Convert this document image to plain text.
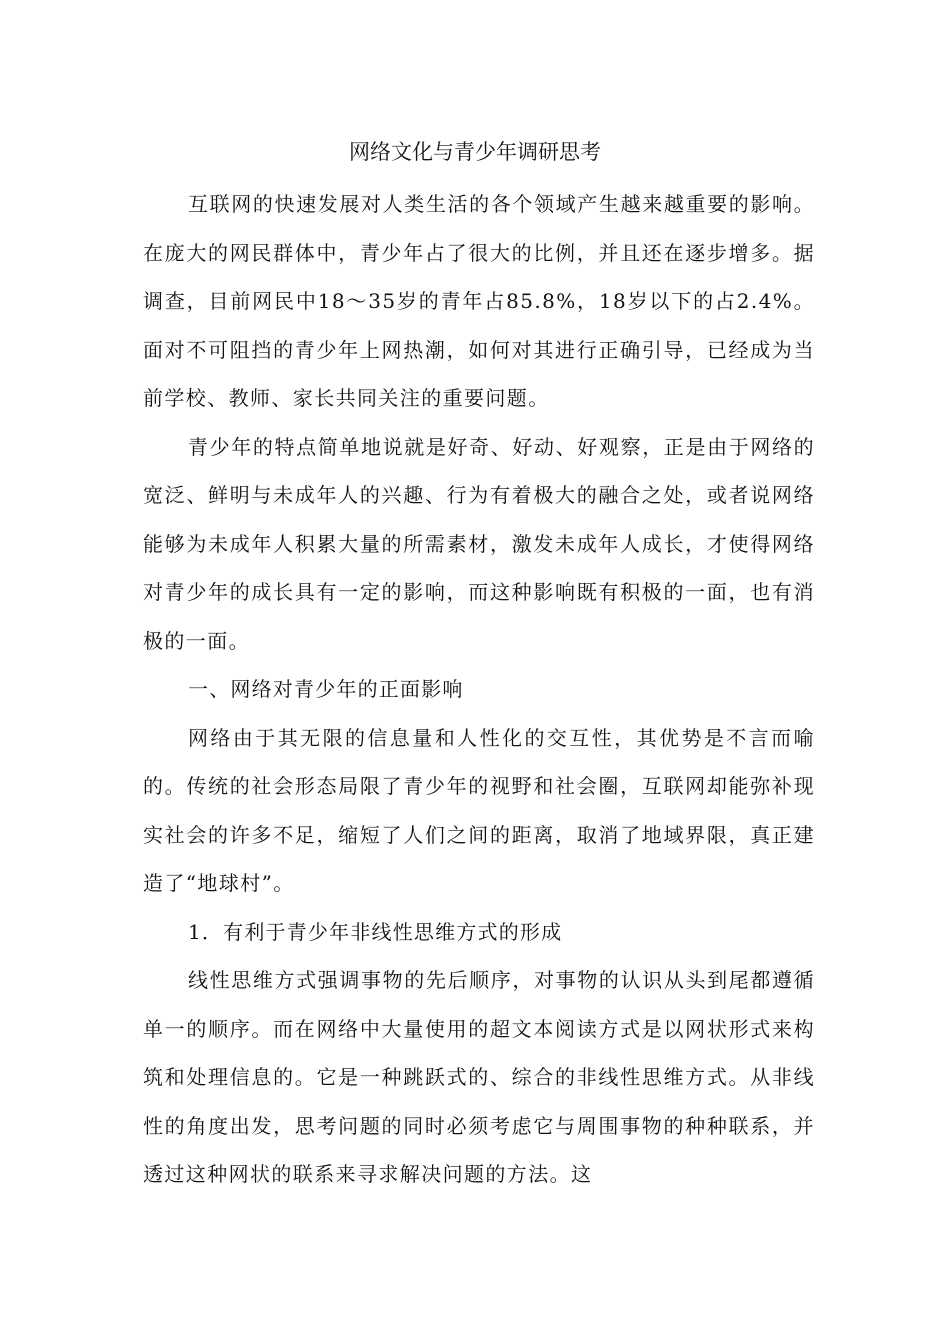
网络文化与青少年调研思考

互联网的快速发展对人类生活的各个领域产生越来越重要的影响。在庞大的网民群体中，青少年占了很大的比例，并且还在逐步增多。据调查，目前网民中18～35岁的青年占85.8%，18岁以下的占2.4%。面对不可阻挡的青少年上网热潮，如何对其进行正确引导，已经成为当前学校、教师、家长共同关注的重要问题。

青少年的特点简单地说就是好奇、好动、好观察，正是由于网络的宽泛、鲜明与未成年人的兴趣、行为有着极大的融合之处，或者说网络能够为未成年人积累大量的所需素材，激发未成年人成长，才使得网络对青少年的成长具有一定的影响，而这种影响既有积极的一面，也有消极的一面。

一、网络对青少年的正面影响

网络由于其无限的信息量和人性化的交互性，其优势是不言而喻的。传统的社会形态局限了青少年的视野和社会圈，互联网却能弥补现实社会的许多不足，缩短了人们之间的距离，取消了地域界限，真正建造了“地球村”。

1．有利于青少年非线性思维方式的形成

线性思维方式强调事物的先后顺序，对事物的认识从头到尾都遵循单一的顺序。而在网络中大量使用的超文本阅读方式是以网状形式来构筑和处理信息的。它是一种跳跃式的、综合的非线性思维方式。从非线性的角度出发，思考问题的同时必须考虑它与周围事物的种种联系，并透过这种网状的联系来寻求解决问题的方法。这
